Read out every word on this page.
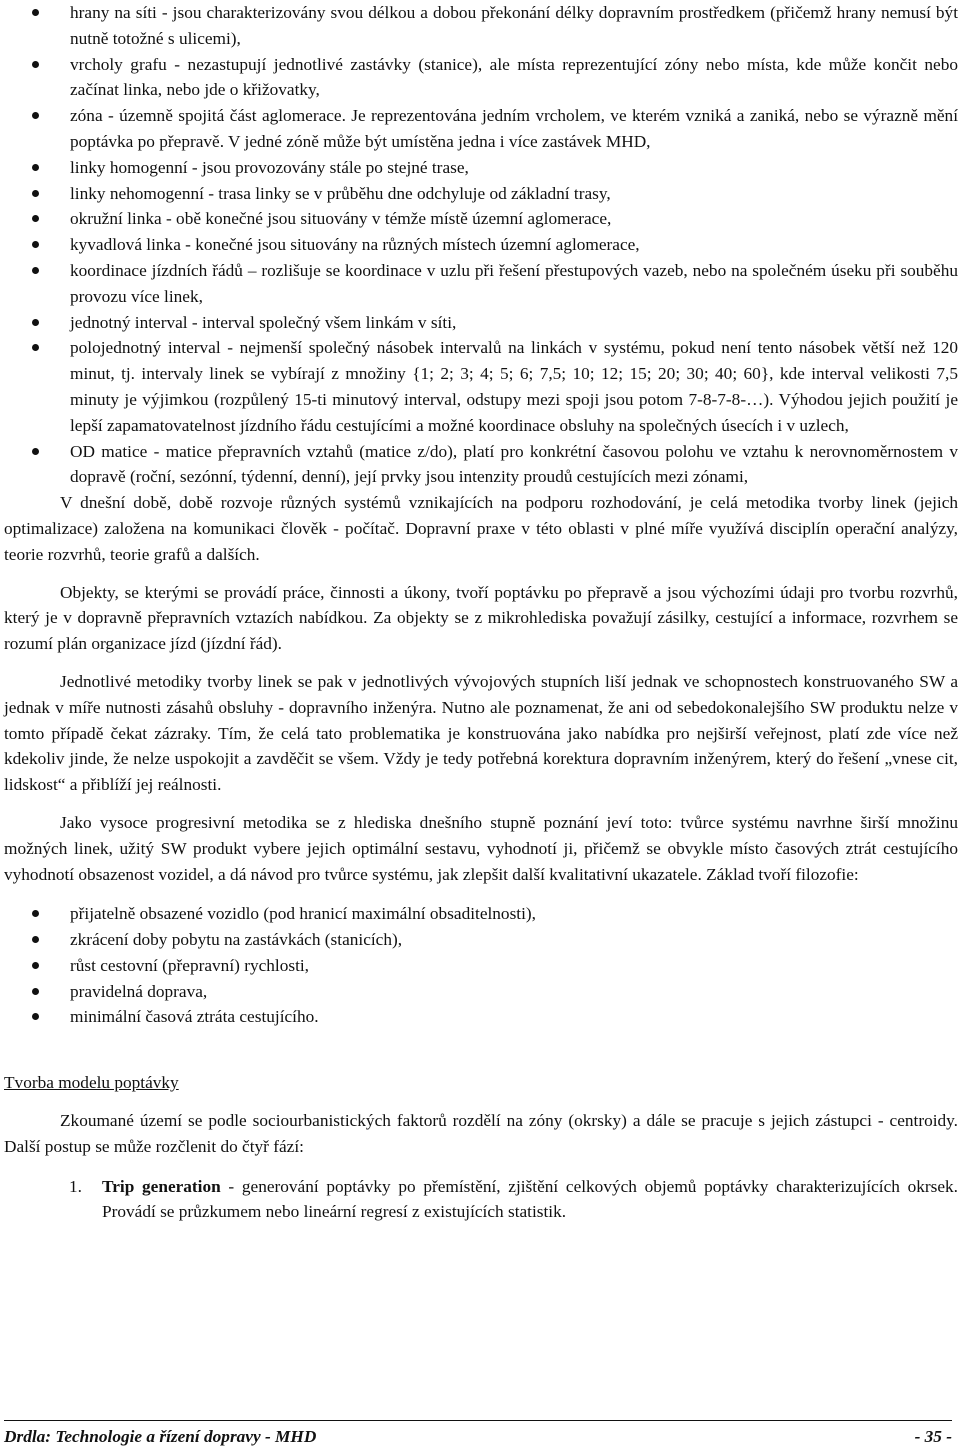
hrany na síti - jsou charakterizovány svou délkou a dobou překonání délky dopravním prostředkem (přičemž hrany nemusí být nutně totožné s ulicemi),
vrcholy grafu - nezastupují jednotlivé zastávky (stanice), ale místa reprezentující zóny nebo místa, kde může končit nebo začínat linka, nebo jde o křižovatky,
zóna - územně spojitá část aglomerace. Je reprezentována jedním vrcholem, ve kterém vzniká a zaniká, nebo se výrazně mění poptávka po přepravě. V jedné zóně může být umístěna jedna i více zastávek MHD,
linky homogenní - jsou provozovány stále po stejné trase,
linky nehomogenní - trasa linky se v průběhu dne odchyluje od základní trasy,
okružní linka - obě konečné jsou situovány v témže místě územní aglomerace,
kyvadlová linka - konečné jsou situovány na různých místech územní aglomerace,
koordinace jízdních řádů – rozlišuje se koordinace v uzlu při řešení přestupových vazeb, nebo na společném úseku při souběhu provozu více linek,
jednotný interval - interval společný všem linkám v síti,
polojednotný interval - nejmenší společný násobek intervalů na linkách v systému, pokud není tento násobek větší než 120 minut, tj. intervaly linek se vybírají z množiny {1; 2; 3; 4; 5; 6; 7,5; 10; 12; 15; 20; 30; 40; 60}, kde interval velikosti 7,5 minuty je výjimkou (rozpůlený 15-ti minutový interval, odstupy mezi spoji jsou potom 7-8-7-8-…). Výhodou jejich použití je lepší zapamatovatelnost jízdního řádu cestujícími a možné koordinace obsluhy na společných úsecích i v uzlech,
OD matice - matice přepravních vztahů (matice z/do), platí pro konkrétní časovou polohu ve vztahu k nerovnoměrnostem v dopravě (roční, sezónní, týdenní, denní), její prvky jsou intenzity proudů cestujících mezi zónami,

V dnešní době, době rozvoje různých systémů vznikajících na podporu rozhodování, je celá metodika tvorby linek (jejich optimalizace) založena na komunikaci člověk - počítač. Dopravní praxe v této oblasti v plné míře využívá disciplín operační analýzy, teorie rozvrhů, teorie grafů a dalších.

Objekty, se kterými se provádí práce, činnosti a úkony, tvoří poptávku po přepravě a jsou výchozími údaji pro tvorbu rozvrhů, který je v dopravně přepravních vztazích nabídkou. Za objekty se z mikrohlediska považují zásilky, cestující a informace, rozvrhem se rozumí plán organizace jízd (jízdní řád).

Jednotlivé metodiky tvorby linek se pak v jednotlivých vývojových stupních liší jednak ve schopnostech konstruovaného SW a jednak v míře nutnosti zásahů obsluhy - dopravního inženýra. Nutno ale poznamenat, že ani od sebedokonalejšího SW produktu nelze v tomto případě čekat zázraky. Tím, že celá tato problematika je konstruována jako nabídka pro nejširší veřejnost, platí zde více než kdekoliv jinde, že nelze uspokojit a zavděčit se všem. Vždy je tedy potřebná korektura dopravním inženýrem, který do řešení „vnese cit, lidskost“ a přiblíží jej reálnosti.

Jako vysoce progresivní metodika se z hlediska dnešního stupně poznání jeví toto: tvůrce systému navrhne širší množinu možných linek, užitý SW produkt vybere jejich optimální sestavu, vyhodnotí ji, přičemž se obvykle místo časových ztrát cestujícího vyhodnotí obsazenost vozidel, a dá návod pro tvůrce systému, jak zlepšit další kvalitativní ukazatele. Základ tvoří filozofie:

přijatelně obsazené vozidlo (pod hranicí maximální obsaditelnosti),
zkrácení doby pobytu na zastávkách (stanicích),
růst cestovní (přepravní) rychlosti,
pravidelná doprava,
minimální časová ztráta cestujícího.
Tvorba modelu poptávky

Zkoumané území se podle sociourbanistických faktorů rozdělí na zóny (okrsky) a dále se pracuje s jejich zástupci - centroidy. Další postup se může rozčlenit do čtyř fází:

1. Trip generation - generování poptávky po přemístění, zjištění celkových objemů poptávky charakterizujících okrsek. Provádí se průzkumem nebo lineární regresí z existujících statistik.
Drdla: Technologie a řízení dopravy - MHD	- 35 -
